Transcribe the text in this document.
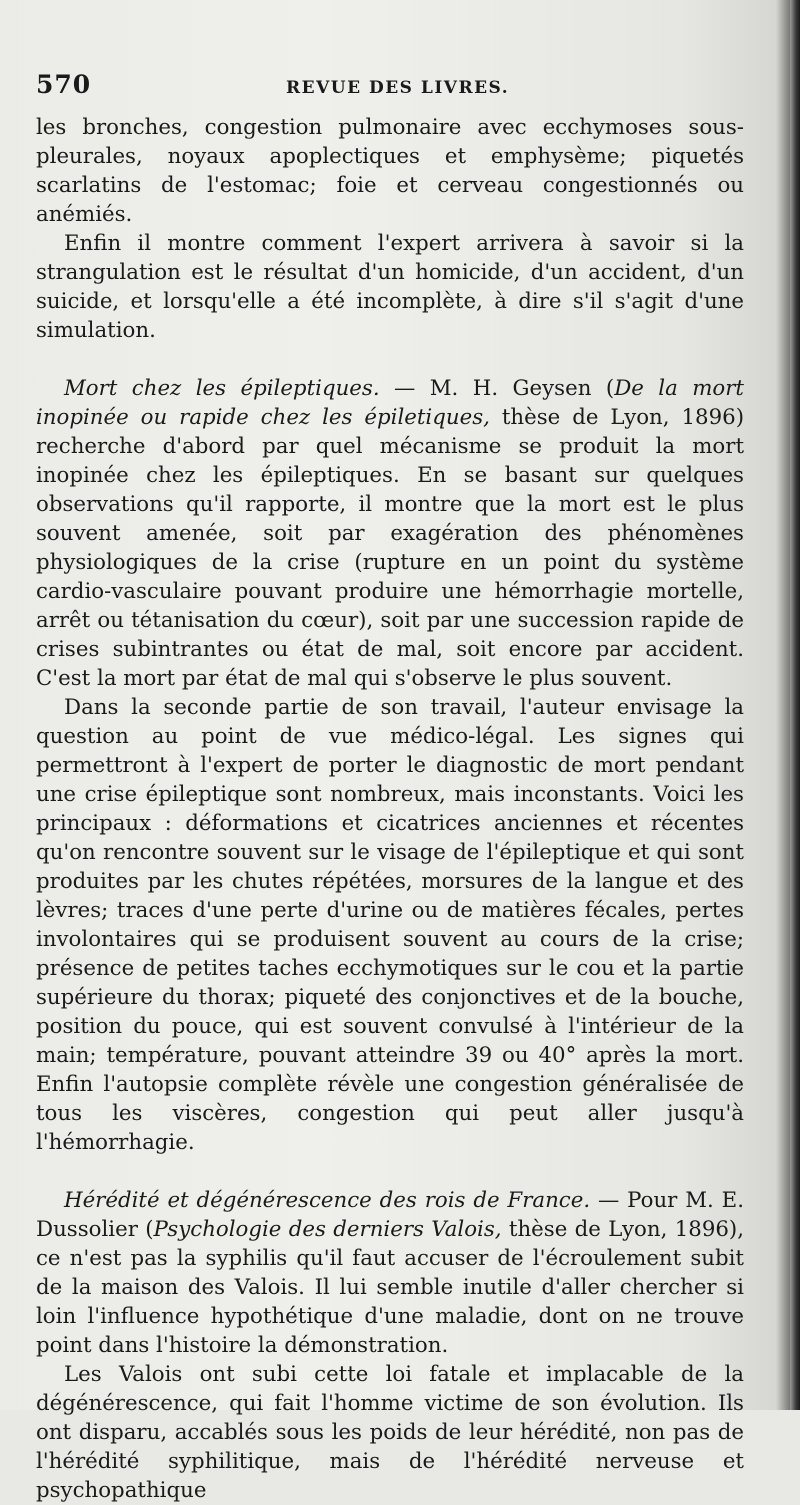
570	REVUE DES LIVRES.

les bronches, congestion pulmonaire avec ecchymoses sous-pleurales, noyaux apoplectiques et emphysème; piquetés scarlatins de l'estomac; foie et cerveau congestionnés ou anémiés.

Enfin il montre comment l'expert arrivera à savoir si la strangulation est le résultat d'un homicide, d'un accident, d'un suicide, et lorsqu'elle a été incomplète, à dire s'il s'agit d'une simulation.

Mort chez les épileptiques. — M. H. Geysen (De la mort inopinée ou rapide chez les épiletiques, thèse de Lyon, 1896) recherche d'abord par quel mécanisme se produit la mort inopinée chez les épileptiques. En se basant sur quelques observations qu'il rapporte, il montre que la mort est le plus souvent amenée, soit par exagération des phénomènes physiologiques de la crise (rupture en un point du système cardio-vasculaire pouvant produire une hémorrhagie mortelle, arrêt ou tétanisation du cœur), soit par une succession rapide de crises subintrantes ou état de mal, soit encore par accident. C'est la mort par état de mal qui s'observe le plus souvent.

Dans la seconde partie de son travail, l'auteur envisage la question au point de vue médico-légal. Les signes qui permettront à l'expert de porter le diagnostic de mort pendant une crise épileptique sont nombreux, mais inconstants. Voici les principaux : déformations et cicatrices anciennes et récentes qu'on rencontre souvent sur le visage de l'épileptique et qui sont produites par les chutes répétées, morsures de la langue et des lèvres; traces d'une perte d'urine ou de matières fécales, pertes involontaires qui se produisent souvent au cours de la crise; présence de petites taches ecchymotiques sur le cou et la partie supérieure du thorax; piqueté des conjonctives et de la bouche, position du pouce, qui est souvent convulsé à l'intérieur de la main; température, pouvant atteindre 39 ou 40° après la mort. Enfin l'autopsie complète révèle une congestion généralisée de tous les viscères, congestion qui peut aller jusqu'à l'hémorrhagie.

Hérédité et dégénérescence des rois de France. — Pour M. E. Dussolier (Psychologie des derniers Valois, thèse de Lyon, 1896), ce n'est pas la syphilis qu'il faut accuser de l'écroulement subit de la maison des Valois. Il lui semble inutile d'aller chercher si loin l'influence hypothétique d'une maladie, dont on ne trouve point dans l'histoire la démonstration.

Les Valois ont subi cette loi fatale et implacable de la dégénérescence, qui fait l'homme victime de son évolution. Ils ont disparu, accablés sous les poids de leur hérédité, non pas de l'hérédité syphilitique, mais de l'hérédité nerveuse et psychopathique
